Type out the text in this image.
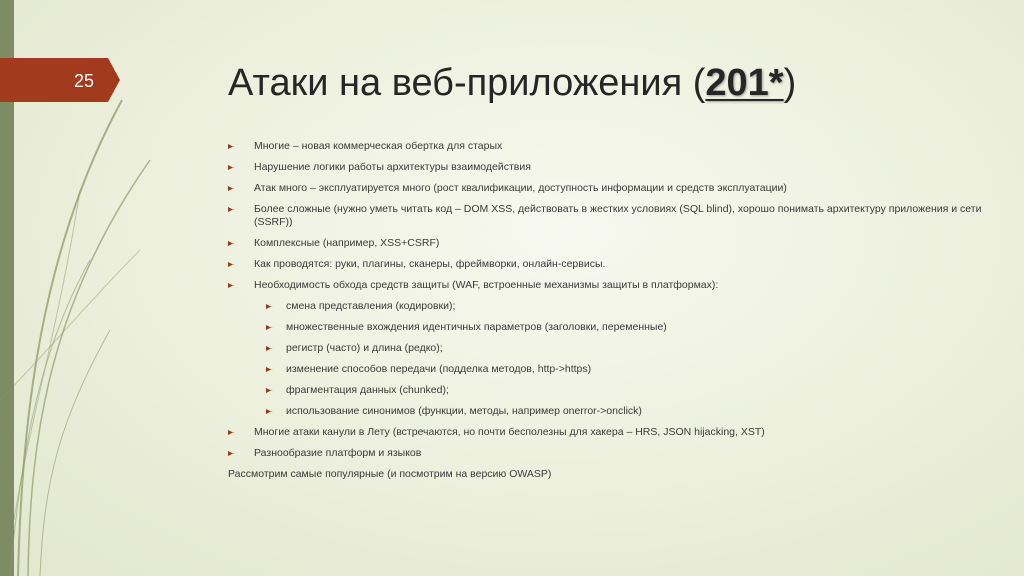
25	Атаки на веб-приложения (201*)
Многие – новая коммерческая обертка для старых
Нарушение логики работы архитектуры взаимодействия
Атак много – эксплуатируется много (рост квалификации, доступность информации и средств эксплуатации)
Более сложные (нужно уметь читать код – DOM XSS, действовать в жестких условиях (SQL blind), хорошо понимать архитектуру приложения и сети (SSRF))
Комплексные (например, XSS+CSRF)
Как проводятся: руки, плагины, сканеры, фреймворки, онлайн-сервисы.
Необходимость обхода средств защиты (WAF, встроенные механизмы защиты в платформах):
смена представления (кодировки);
множественные вхождения идентичных параметров (заголовки, переменные)
регистр (часто) и длина (редко);
изменение способов передачи (подделка методов, http->https)
фрагментация данных (chunked);
использование синонимов (функции, методы, например onerror->onclick)
Многие атаки канули в Лету (встречаются, но почти бесполезны для хакера – HRS, JSON hijacking, XST)
Разнообразие платформ и языков
Рассмотрим самые популярные (и посмотрим на версию OWASP)
